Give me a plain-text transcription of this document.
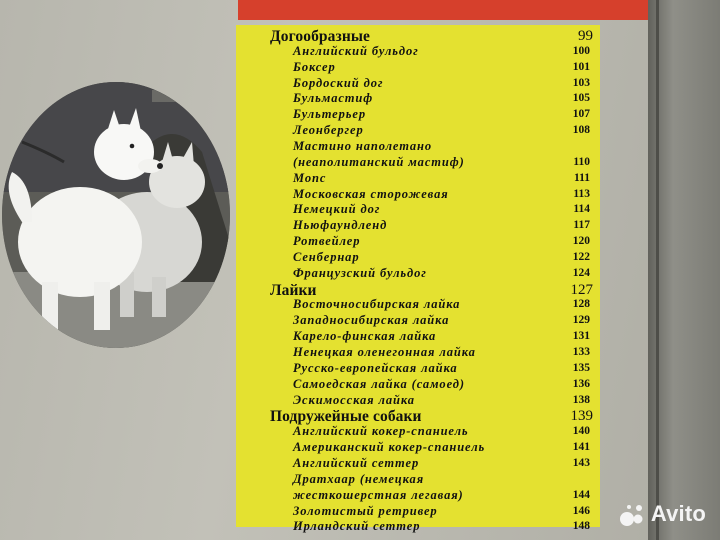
Догообразные	99
Английский бульдог	100
Боксер	101
Бордоский дог	103
Бульмастиф	105
Бультерьер	107
Леонбергер	108
Мастино наполетано
(неаполитанский мастиф)	110
Мопс	111
Московская сторожевая	113
Немецкий дог	114
Ньюфаундленд	117
Ротвейлер	120
Сенбернар	122
Французский бульдог	124
Лайки	127
Восточносибирская лайка	128
Западносибирская лайка	129
Карело-финская лайка	131
Ненецкая оленегонная лайка	133
Русско-европейская лайка	135
Самоедская лайка (самоед)	136
Эскимосская лайка	138
Подружейные собаки	139
Английский кокер-спаниель	140
Американский кокер-спаниель	141
Английский сеттер	143
Дратхаар (немецкая
жесткошерстная легавая)	144
Золотистый ретривер	146
Ирландский сеттер	148
Avito
